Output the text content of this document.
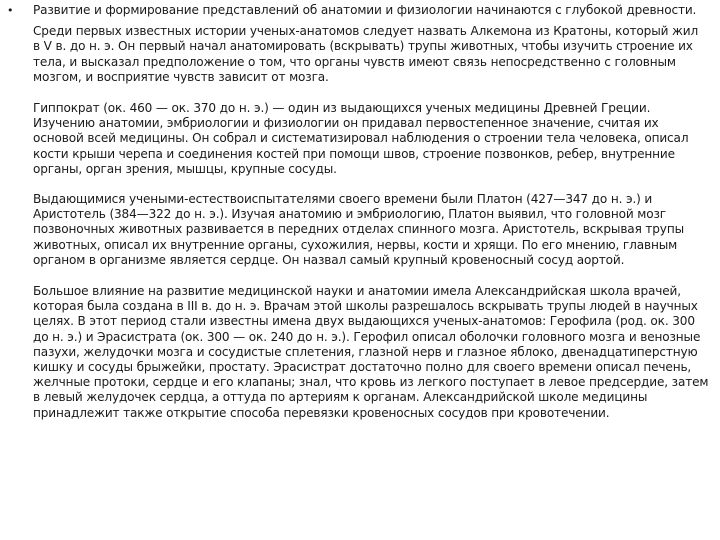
• Развитие и формирование представлений об анатомии и физиологии начинаются с глубокой древности.

Среди первых известных истории ученых-анатомов следует назвать Алкемона из Кратоны, который жил
в V в. до н. э. Он первый начал анатомировать (вскрывать) трупы животных, чтобы изучить строение их
тела, и высказал предположение о том, что органы чувств имеют связь непосредственно с головным
мозгом, и восприятие чувств зависит от мозга.

Гиппократ (ок. 460 — ок. 370 до н. э.) — один из выдающихся ученых медицины Древней Греции.
Изучению анатомии, эмбриологии и физиологии он придавал первостепенное значение, считая их
основой всей медицины. Он собрал и систематизировал наблюдения о строении тела человека, описал
кости крыши черепа и соединения костей при помощи швов, строение позвонков, ребер, внутренние
органы, орган зрения, мышцы, крупные сосуды.

Выдающимися учеными-естествоиспытателями своего времени были Платон (427—347 до н. э.) и
Аристотель (384—322 до н. э.). Изучая анатомию и эмбриологию, Платон выявил, что головной мозг
позвоночных животных развивается в передних отделах спинного мозга. Аристотель, вскрывая трупы
животных, описал их внутренние органы, сухожилия, нервы, кости и хрящи. По его мнению, главным
органом в организме является сердце. Он назвал самый крупный кровеносный сосуд аортой.

Большое влияние на развитие медицинской науки и анатомии имела Александрийская школа врачей,
которая была создана в III в. до н. э. Врачам этой школы разрешалось вскрывать трупы людей в научных
целях. В этот период стали известны имена двух выдающихся ученых-анатомов: Герофила (род. ок. 300
до н. э.) и Эрасистрата (ок. 300 — ок. 240 до н. э.). Герофил описал оболочки головного мозга и венозные
пазухи, желудочки мозга и сосудистые сплетения, глазной нерв и глазное яблоко, двенадцатиперстную
кишку и сосуды брыжейки, простату. Эрасистрат достаточно полно для своего времени описал печень,
желчные протоки, сердце и его клапаны; знал, что кровь из легкого поступает в левое предсердие, затем
в левый желудочек сердца, а оттуда по артериям к органам. Александрийской школе медицины
принадлежит также открытие способа перевязки кровеносных сосудов при кровотечении.
